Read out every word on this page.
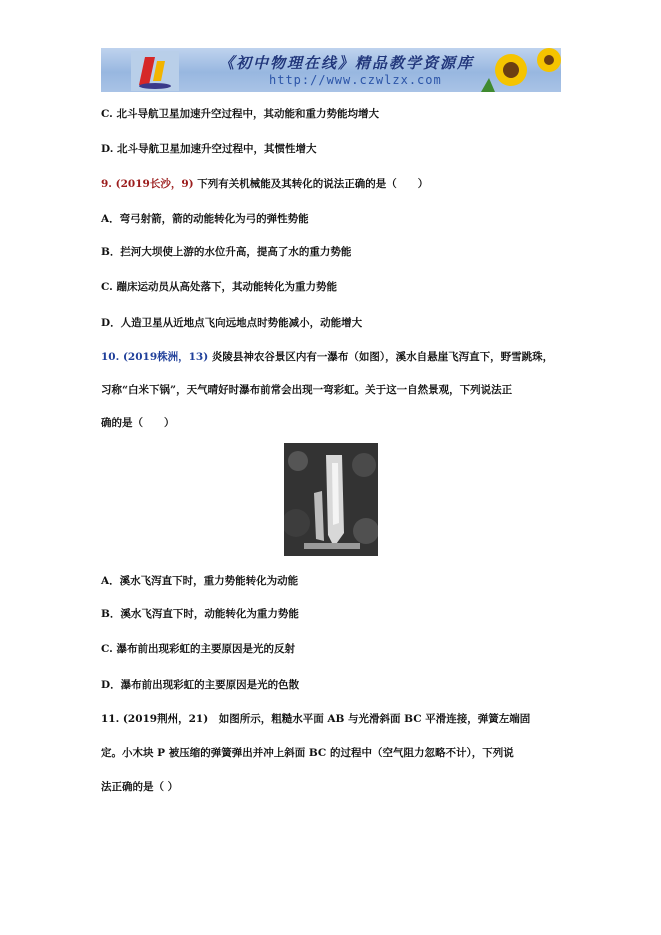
《初中物理在线》精品教学资源库
http://www.czwlzx.com
C. 北斗导航卫星加速升空过程中，其动能和重力势能均增大
D. 北斗导航卫星加速升空过程中，其惯性增大
9. (2019长沙，9) 下列有关机械能及其转化的说法正确的是（　　）
A．弯弓射箭，箭的动能转化为弓的弹性势能
B．拦河大坝使上游的水位升高，提高了水的重力势能
C. 蹦床运动员从高处落下，其动能转化为重力势能
D．人造卫星从近地点飞向远地点时势能减小，动能增大
10. (2019株洲，13) 炎陵县神农谷景区内有一瀑布（如图），溪水自悬崖飞泻直下，野雪跳珠，
习称“白米下锅”，天气晴好时瀑布前常会出现一弯彩虹。关于这一自然景观，下列说法正
确的是（　　）
A．溪水飞泻直下时，重力势能转化为动能
B．溪水飞泻直下时，动能转化为重力势能
C. 瀑布前出现彩虹的主要原因是光的反射
D．瀑布前出现彩虹的主要原因是光的色散
11. (2019荆州，21)　如图所示，粗糙水平面 AB 与光滑斜面 BC 平滑连接，弹簧左端固
定。小木块 P 被压缩的弹簧弹出并冲上斜面 BC 的过程中（空气阻力忽略不计），下列说
法正确的是（ ）
